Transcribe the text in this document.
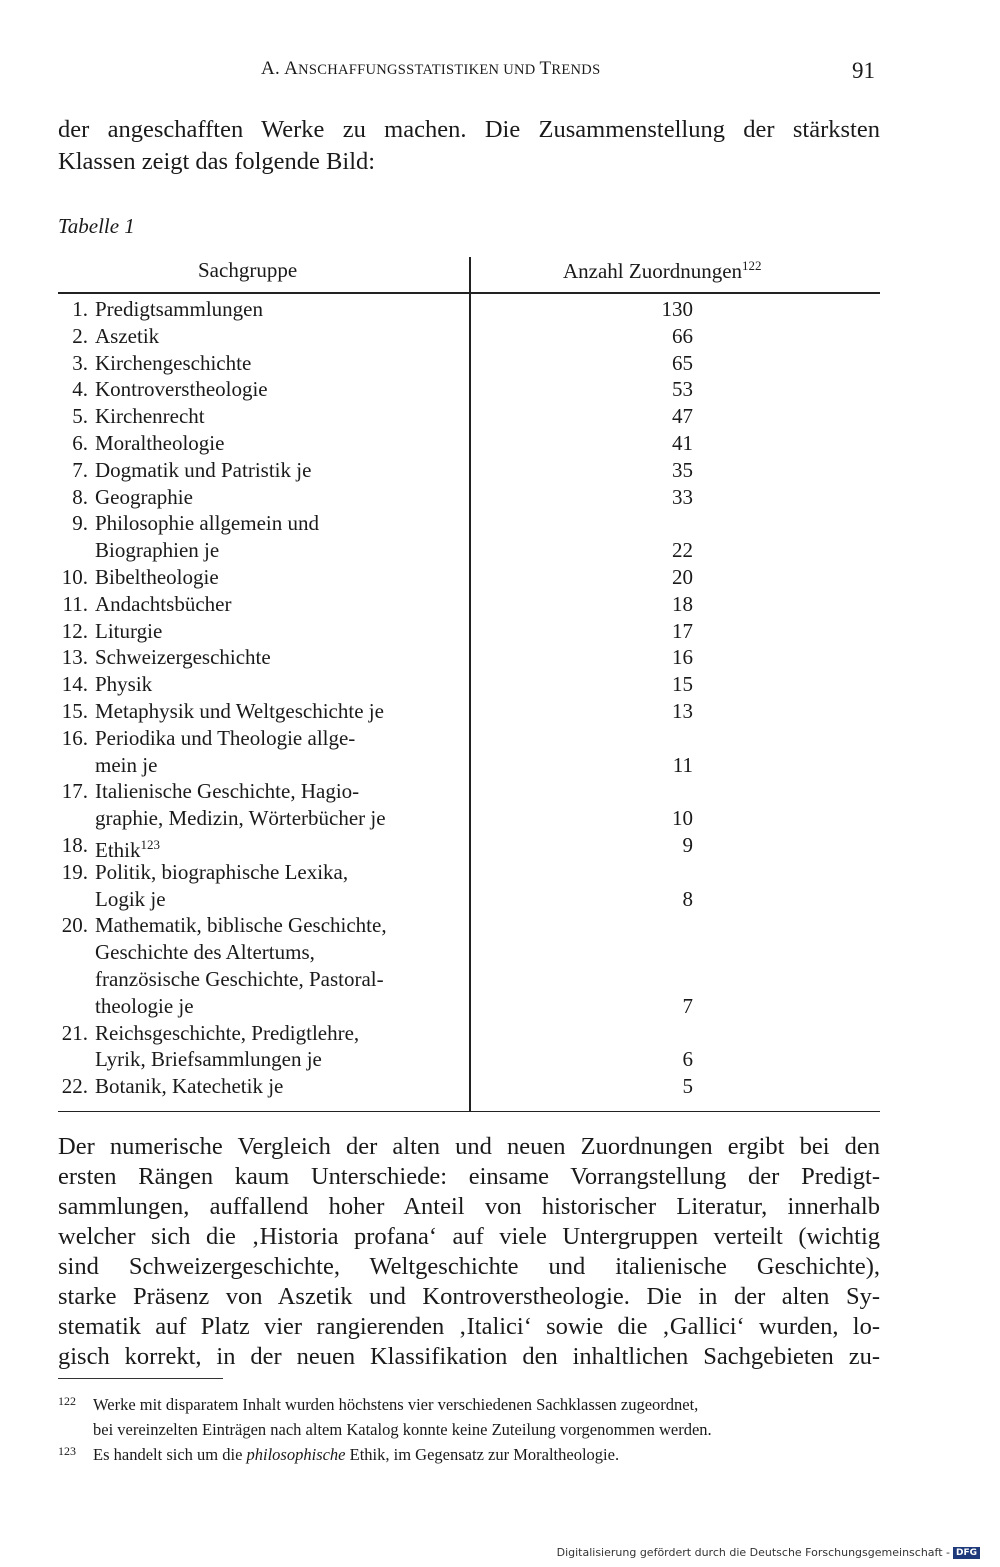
A. ANSCHAFFUNGSSTATISTIKEN UND TRENDS	91
der angeschafften Werke zu machen. Die Zusammenstellung der stärksten
Klassen zeigt das folgende Bild:
Tabelle 1
Sachgruppe	Anzahl Zuordnungen$^{122}$
1. Predigtsammlungen	130
2. Aszetik	66
3. Kirchengeschichte	65
4. Kontroverstheologie	53
5. Kirchenrecht	47
6. Moraltheologie	41
7. Dogmatik und Patristik je	35
8. Geographie	33
9. Philosophie allgemein und
Biographien je	22
10. Bibeltheologie	20
11. Andachtsbücher	18
12. Liturgie	17
13. Schweizergeschichte	16
14. Physik	15
15. Metaphysik und Weltgeschichte je	13
16. Periodika und Theologie allge-
mein je	11
17. Italienische Geschichte, Hagio-
graphie, Medizin, Wörterbücher je	10
18. Ethik$^{123}$	9
19. Politik, biographische Lexika,
Logik je	8
20. Mathematik, biblische Geschichte,
Geschichte des Altertums,
französische Geschichte, Pastoral-
theologie je	7
21. Reichsgeschichte, Predigtlehre,
Lyrik, Briefsammlungen je	6
22. Botanik, Katechetik je	5
Der numerische Vergleich der alten und neuen Zuordnungen ergibt bei den
ersten Rängen kaum Unterschiede: einsame Vorrangstellung der Predigt-
sammlungen, auffallend hoher Anteil von historischer Literatur, innerhalb
welcher sich die ‚Historia profana‘ auf viele Untergruppen verteilt (wichtig
sind Schweizergeschichte, Weltgeschichte und italienische Geschichte),
starke Präsenz von Aszetik und Kontroverstheologie. Die in der alten Sy-
stematik auf Platz vier rangierenden ‚Italici‘ sowie die ‚Gallici‘ wurden, lo-
gisch korrekt, in der neuen Klassifikation den inhaltlichen Sachgebieten zu-
122 Werke mit disparatem Inhalt wurden höchstens vier verschiedenen Sachklassen zugeordnet,
bei vereinzelten Einträgen nach altem Katalog konnte keine Zuteilung vorgenommen werden.
123 Es handelt sich um die philosophische Ethik, im Gegensatz zur Moraltheologie.
Digitalisierung gefördert durch die Deutsche Forschungsgemeinschaft - DFG
